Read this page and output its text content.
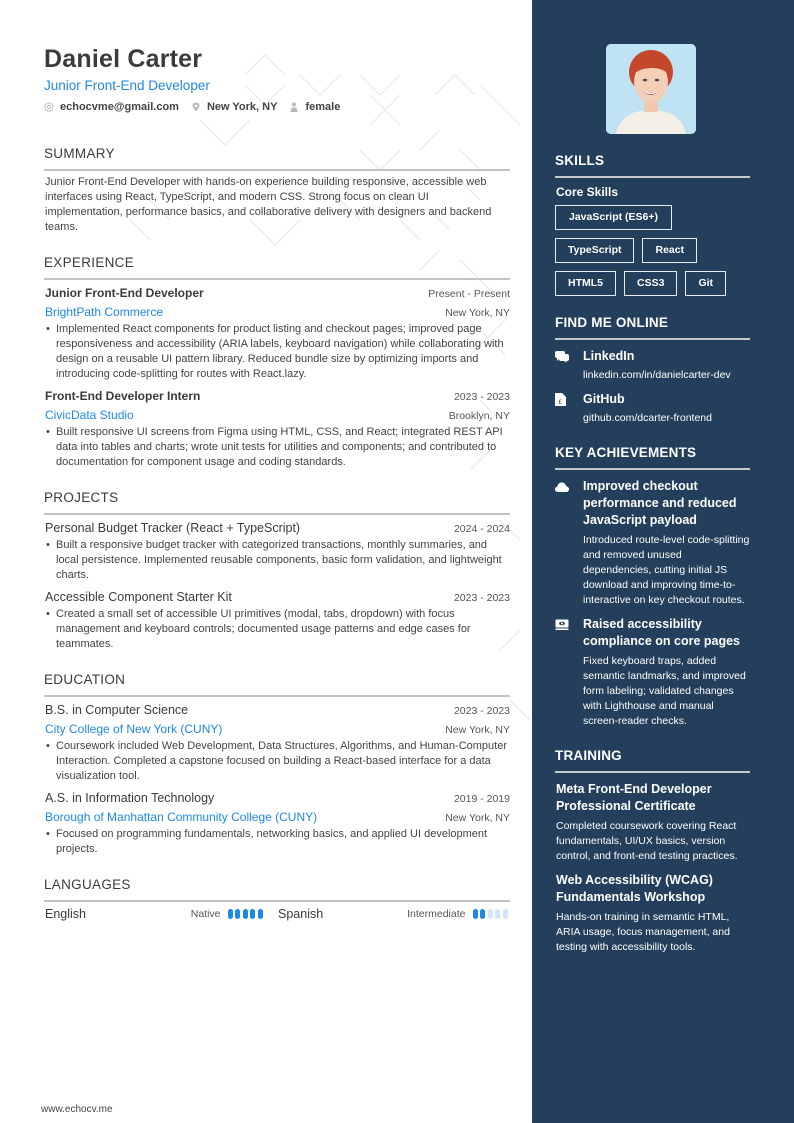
Daniel Carter
Junior Front-End Developer
echocvme@gmail.com	New York, NY	female
SUMMARY

Junior Front-End Developer with hands-on experience building responsive, accessible web interfaces using React, TypeScript, and modern CSS. Strong focus on clean UI implementation, performance basics, and collaborative delivery with designers and backend teams.

EXPERIENCE
Junior Front-End Developer	Present - Present
BrightPath Commerce	New York, NY
• Implemented React components for product listing and checkout pages; improved page responsiveness and accessibility (ARIA labels, keyboard navigation) while collaborating with design on a reusable UI pattern library. Reduced bundle size by optimizing imports and introducing code-splitting for routes with React.lazy.
Front-End Developer Intern	2023 - 2023
CivicData Studio	Brooklyn, NY
• Built responsive UI screens from Figma using HTML, CSS, and React; integrated REST API data into tables and charts; wrote unit tests for utilities and components; and contributed to documentation for component usage and coding standards.
PROJECTS
Personal Budget Tracker (React + TypeScript)	2024 - 2024
• Built a responsive budget tracker with categorized transactions, monthly summaries, and local persistence. Implemented reusable components, basic form validation, and lightweight charts.
Accessible Component Starter Kit	2023 - 2023
• Created a small set of accessible UI primitives (modal, tabs, dropdown) with focus management and keyboard controls; documented usage patterns and edge cases for teammates.
EDUCATION
B.S. in Computer Science	2023 - 2023
City College of New York (CUNY)	New York, NY
• Coursework included Web Development, Data Structures, Algorithms, and Human-Computer Interaction. Completed a capstone focused on building a React-based interface for a data visualization tool.
A.S. in Information Technology	2019 - 2019
Borough of Manhattan Community College (CUNY)	New York, NY
• Focused on programming fundamentals, networking basics, and applied UI development projects.
LANGUAGES
English	Native	Spanish	Intermediate
www.echocv.me
SKILLS
Core Skills
JavaScript (ES6+)
TypeScript	React
HTML5	CSS3	Git
FIND ME ONLINE
LinkedIn
linkedin.com/in/danielcarter-dev
£ GitHub
github.com/dcarter-frontend
KEY ACHIEVEMENTS
Improved checkout performance and reduced JavaScript payload
Introduced route-level code-splitting and removed unused dependencies, cutting initial JS download and improving time-to-interactive on key checkout routes.
Raised accessibility compliance on core pages
Fixed keyboard traps, added semantic landmarks, and improved form labeling; validated changes with Lighthouse and manual screen-reader checks.
TRAINING
Meta Front-End Developer Professional Certificate
Completed coursework covering React fundamentals, UI/UX basics, version control, and front-end testing practices.
Web Accessibility (WCAG) Fundamentals Workshop
Hands-on training in semantic HTML, ARIA usage, focus management, and testing with accessibility tools.
